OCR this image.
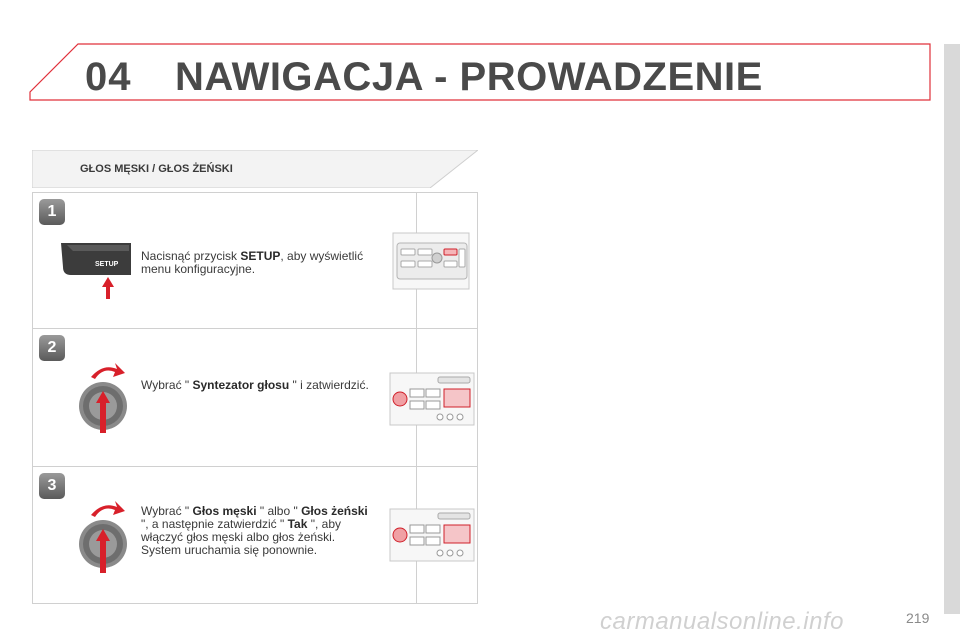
04 NAWIGACJA - PROWADZENIE
GŁOS MĘSKI / GŁOS ŻEŃSKI
1
SETUP
Nacisnąć przycisk SETUP, aby wyświetlić menu konfiguracyjne.
2
Wybrać " Syntezator głosu " i zatwierdzić.
3
Wybrać " Głos męski " albo " Głos żeński ", a następnie zatwierdzić " Tak ", aby włączyć głos męski albo głos żeński. System uruchamia się ponownie.
carmanualsonline.info	219
